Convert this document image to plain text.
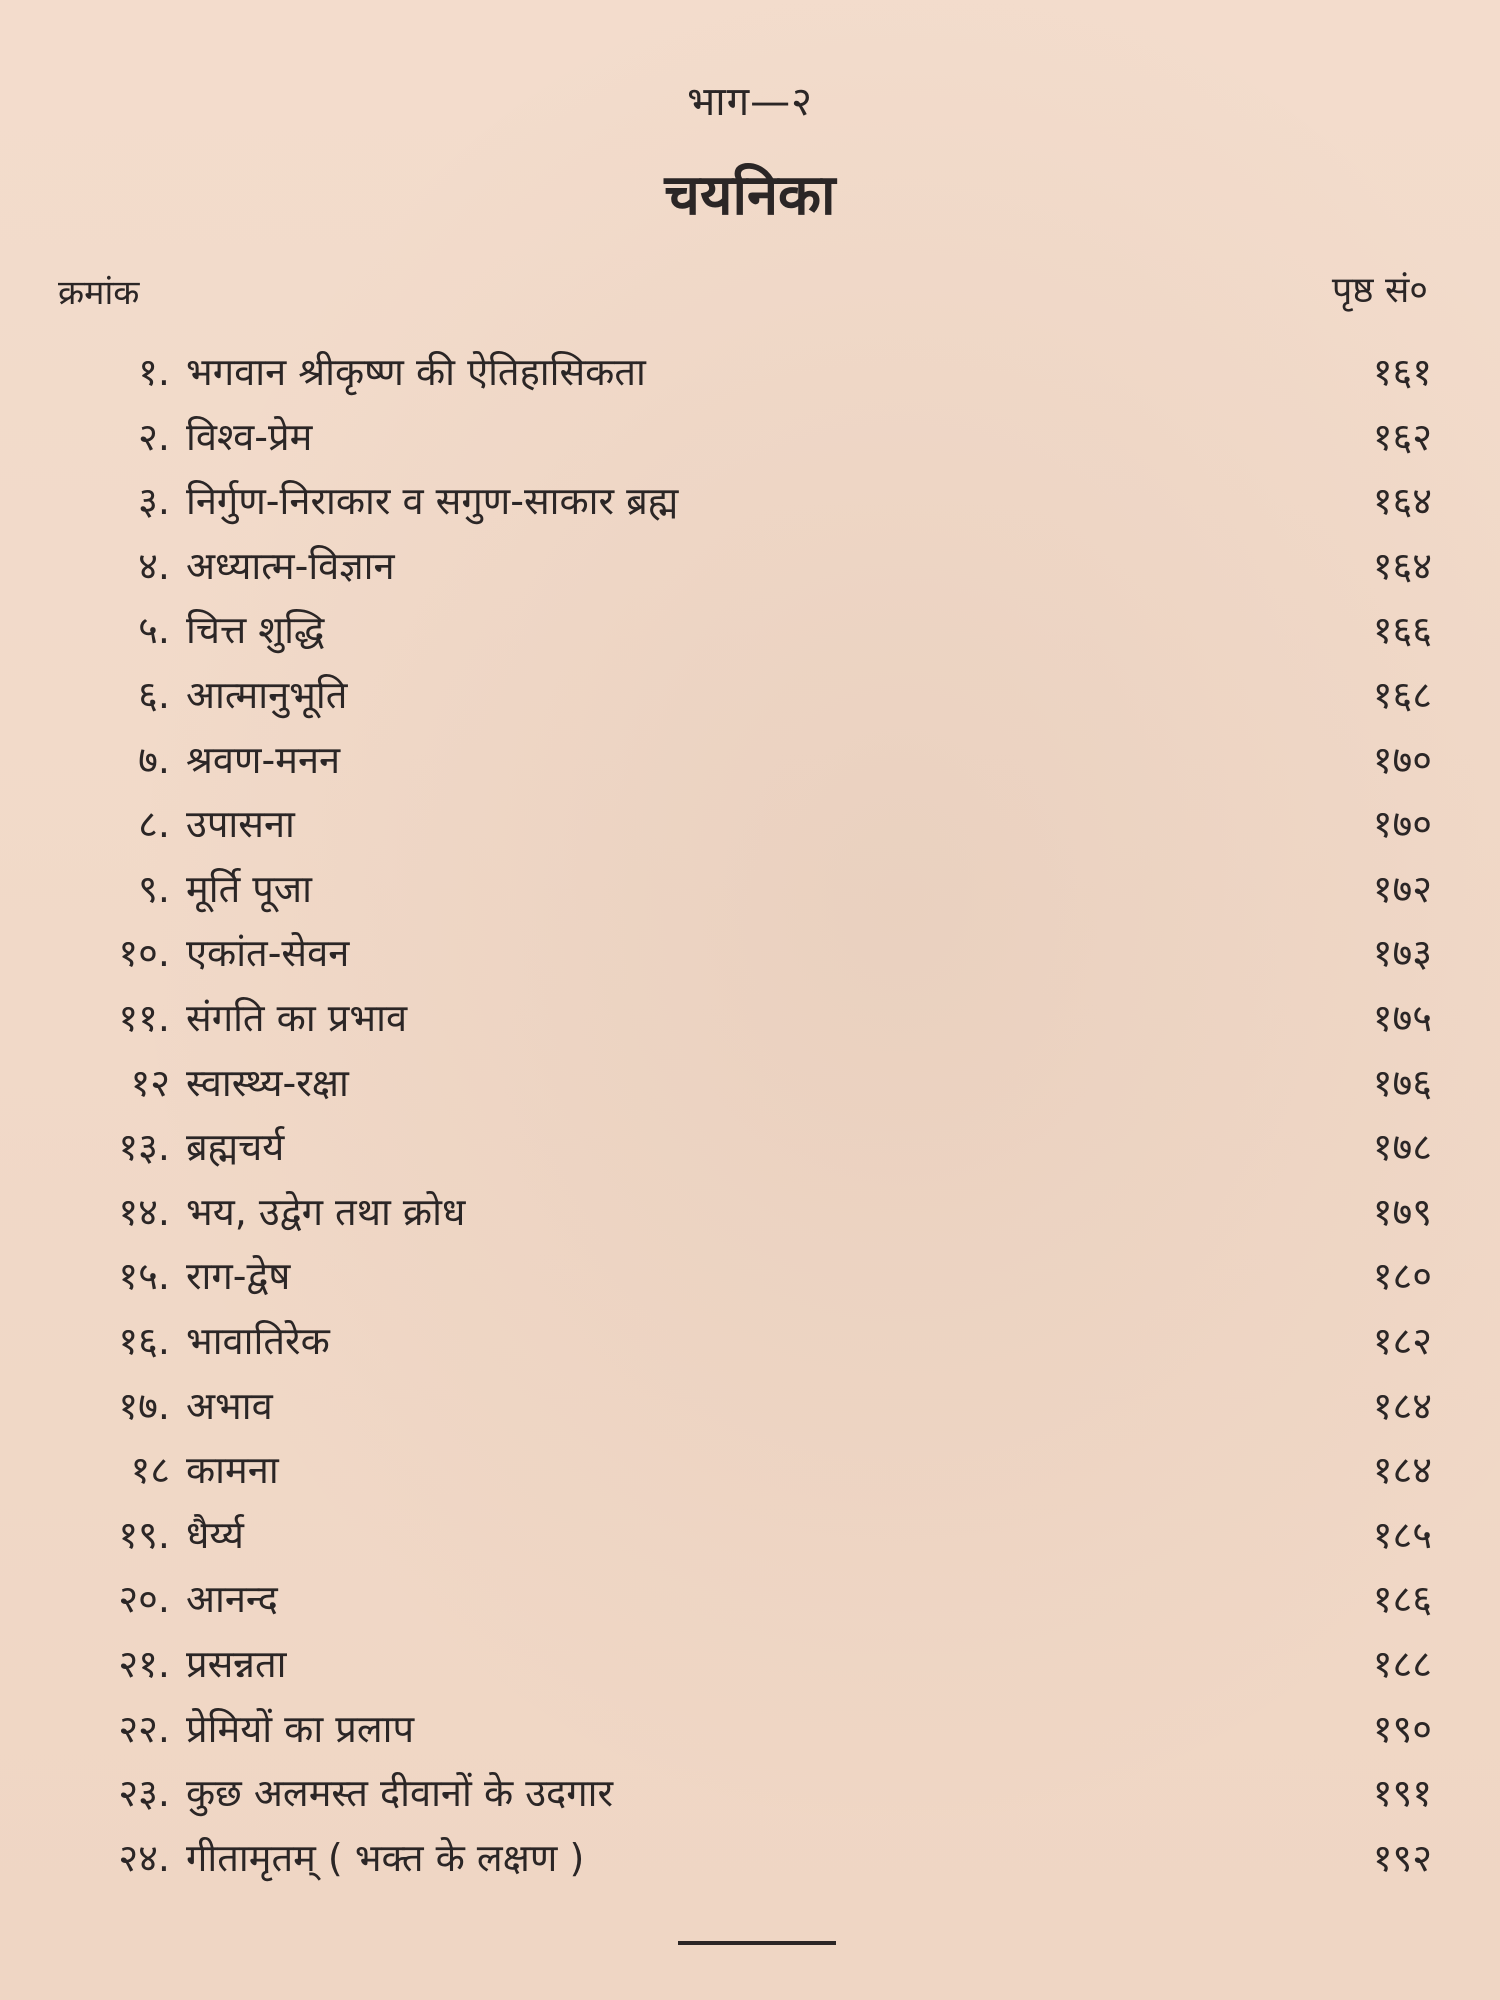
भाग—२
चयनिका
क्रमांक	पृष्ठ सं०
१. भगवान श्रीकृष्ण की ऐतिहासिकता	१६१
२. विश्व-प्रेम	१६२
३. निर्गुण-निराकार व सगुण-साकार ब्रह्म	१६४
४. अध्यात्म-विज्ञान	१६४
५. चित्त शुद्धि	१६६
६. आत्मानुभूति	१६८
७. श्रवण-मनन	१७०
८. उपासना	१७०
९. मूर्ति पूजा	१७२
१०. एकांत-सेवन	१७३
११. संगति का प्रभाव	१७५
१२ स्वास्थ्य-रक्षा	१७६
१३. ब्रह्मचर्य	१७८
१४. भय, उद्वेग तथा क्रोध	१७९
१५. राग-द्वेष	१८०
१६. भावातिरेक	१८२
१७. अभाव	१८४
१८ कामना	१८४
१९. धैर्य्य	१८५
२०. आनन्द	१८६
२१. प्रसन्नता	१८८
२२. प्रेमियों का प्रलाप	१९०
२३. कुछ अलमस्त दीवानों के उदगार	१९१
२४. गीतामृतम् ( भक्त के लक्षण )	१९२
